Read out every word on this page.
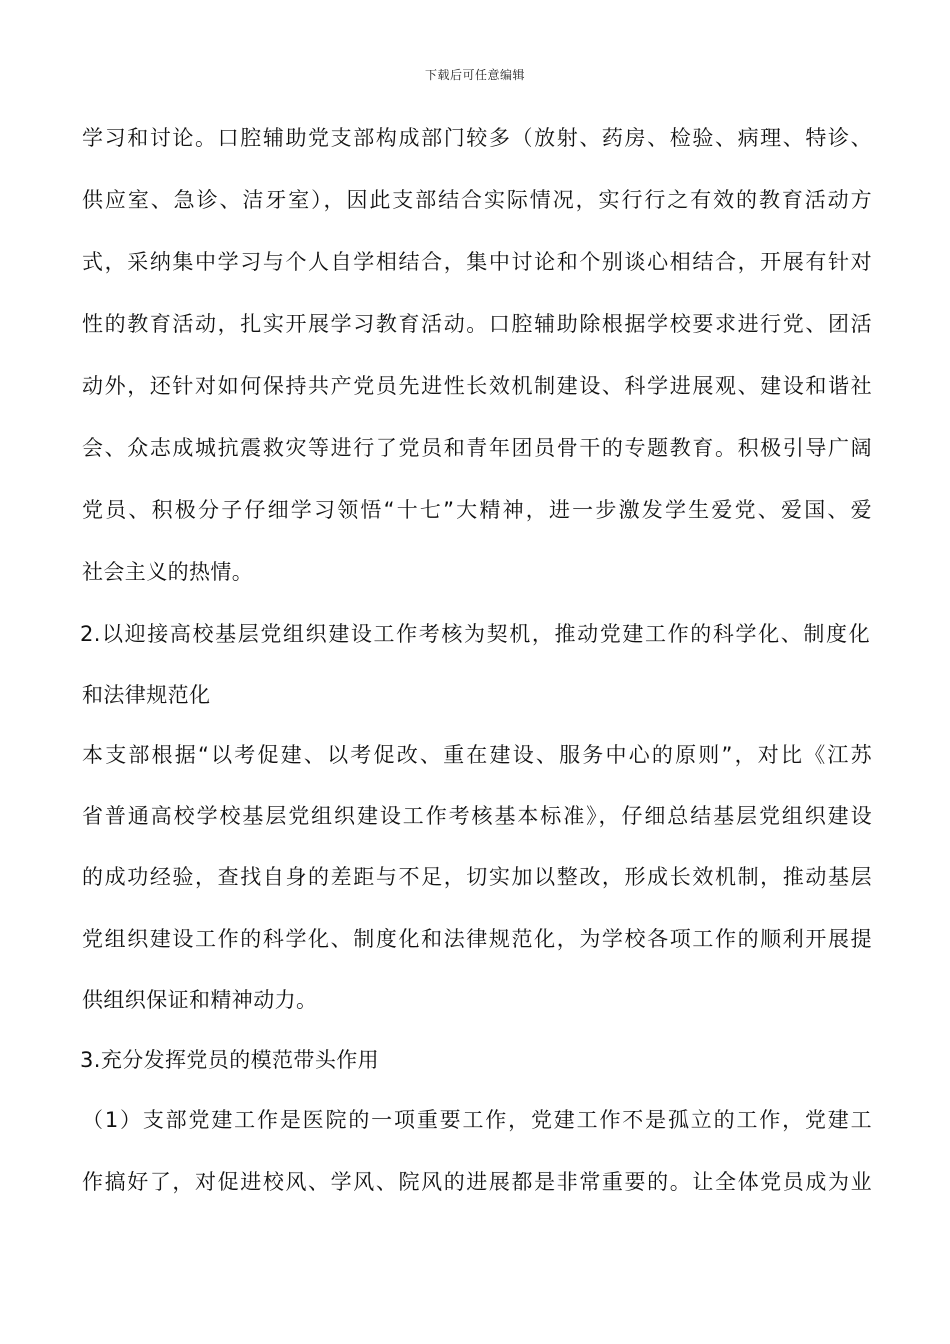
下载后可任意编辑
学习和讨论。口腔辅助党支部构成部门较多（放射、药房、检验、病理、特诊、
供应室、急诊、洁牙室），因此支部结合实际情况，实行行之有效的教育活动方
式，采纳集中学习与个人自学相结合，集中讨论和个别谈心相结合，开展有针对
性的教育活动，扎实开展学习教育活动。口腔辅助除根据学校要求进行党、团活
动外，还针对如何保持共产党员先进性长效机制建设、科学进展观、建设和谐社
会、众志成城抗震救灾等进行了党员和青年团员骨干的专题教育。积极引导广阔
党员、积极分子仔细学习领悟“十七”大精神，进一步激发学生爱党、爱国、爱
社会主义的热情。
2.以迎接高校基层党组织建设工作考核为契机，推动党建工作的科学化、制度化
和法律规范化
本支部根据“以考促建、以考促改、重在建设、服务中心的原则”，对比《江苏
省普通高校学校基层党组织建设工作考核基本标准》，仔细总结基层党组织建设
的成功经验，查找自身的差距与不足，切实加以整改，形成长效机制，推动基层
党组织建设工作的科学化、制度化和法律规范化，为学校各项工作的顺利开展提
供组织保证和精神动力。
3.充分发挥党员的模范带头作用
（1）支部党建工作是医院的一项重要工作，党建工作不是孤立的工作，党建工
作搞好了，对促进校风、学风、院风的进展都是非常重要的。让全体党员成为业
